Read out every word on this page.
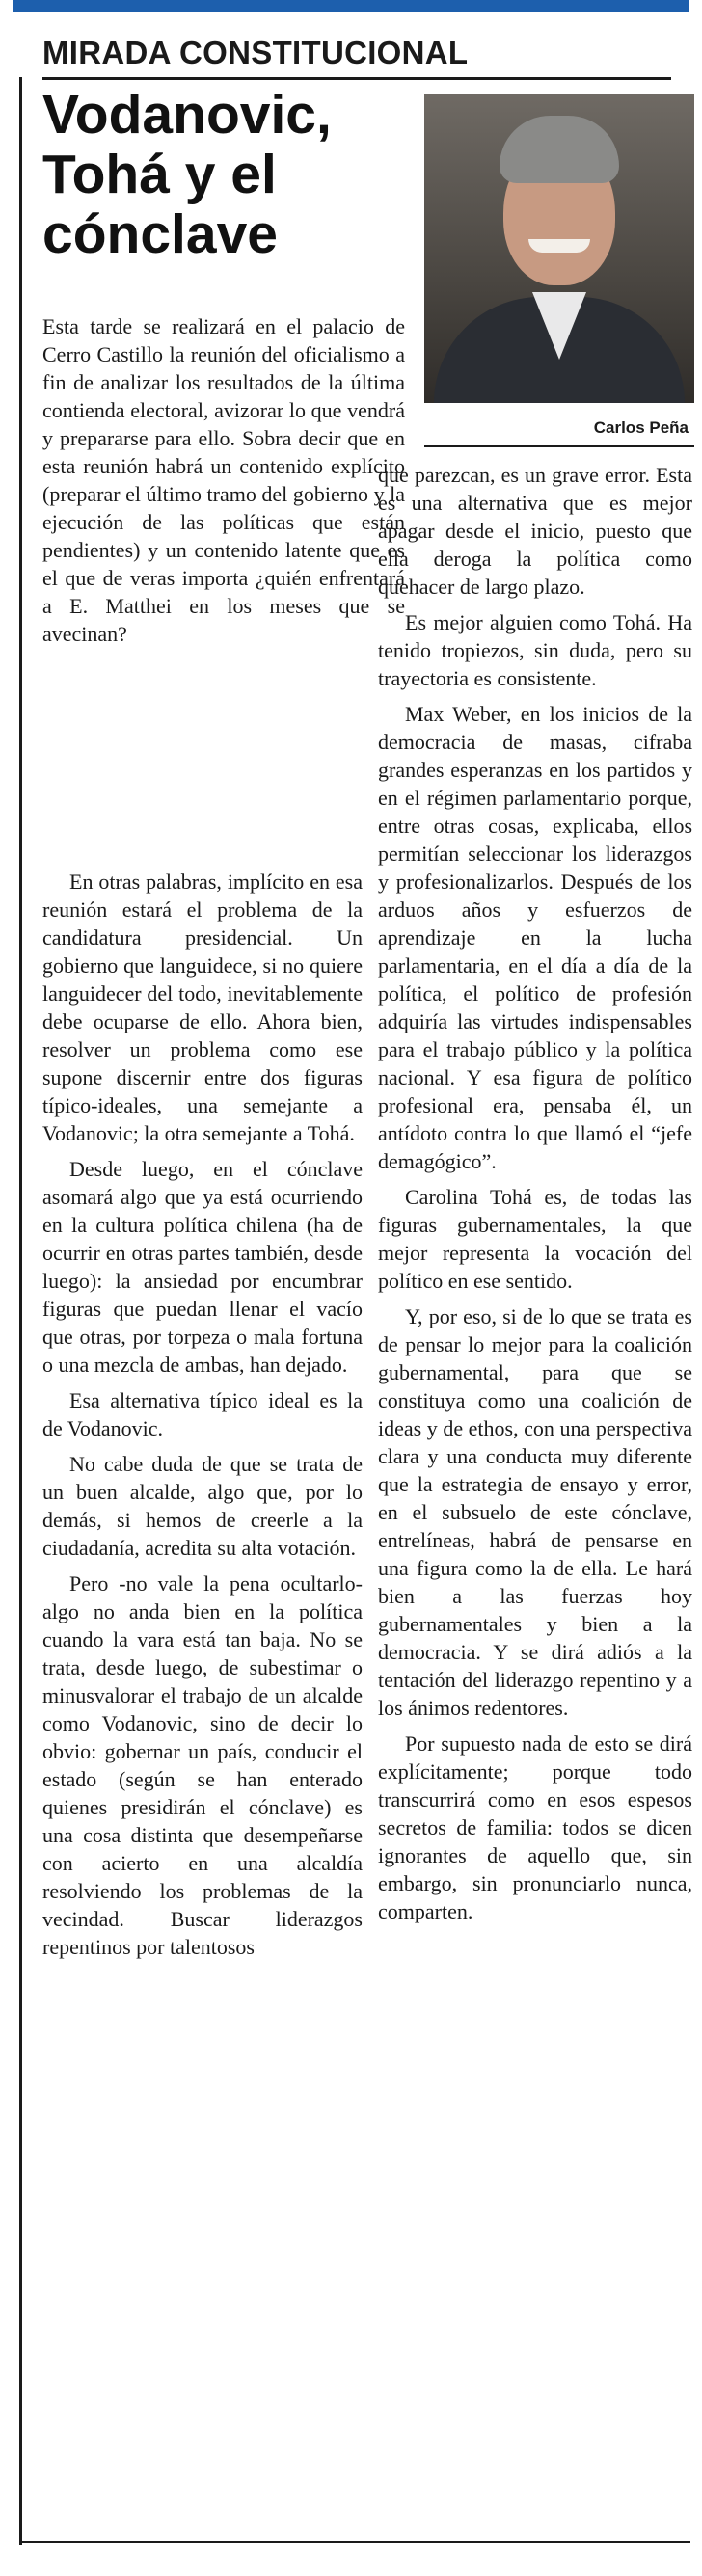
MIRADA CONSTITUCIONAL
Vodanovic,
Tohá y el
cónclave

Carlos Peña

Esta tarde se realizará en el palacio de Cerro Castillo la reunión del oficialismo a fin de analizar los resultados de la última contienda electoral, avizorar lo que vendrá y prepararse para ello. Sobra decir que en esta reunión habrá un contenido explícito (preparar el último tramo del gobierno y la ejecución de las políticas que están pendientes) y un contenido latente que es el que de veras importa ¿quién enfrentará a E. Matthei en los meses que se avecinan?

En otras palabras, implícito en esa reunión estará el problema de la candidatura presidencial. Un gobierno que languidece, si no quiere languidecer del todo, inevitablemente debe ocuparse de ello. Ahora bien, resolver un problema como ese supone discernir entre dos figuras típico-ideales, una semejante a Vodanovic; la otra semejante a Tohá.

Desde luego, en el cónclave asomará algo que ya está ocurriendo en la cultura política chilena (ha de ocurrir en otras partes también, desde luego): la ansiedad por encumbrar figuras que puedan llenar el vacío que otras, por torpeza o mala fortuna o una mezcla de ambas, han dejado.

Esa alternativa típico ideal es la de Vodanovic.

No cabe duda de que se trata de un buen alcalde, algo que, por lo demás, si hemos de creerle a la ciudadanía, acredita su alta votación.

Pero -no vale la pena ocultarlo- algo no anda bien en la política cuando la vara está tan baja. No se trata, desde luego, de subestimar o minusvalorar el trabajo de un alcalde como Vodanovic, sino de decir lo obvio: gobernar un país, conducir el estado (según se han enterado quienes presidirán el cónclave) es una cosa distinta que desempeñarse con acierto en una alcaldía resolviendo los problemas de la vecindad. Buscar liderazgos repentinos por talentosos

que parezcan, es un grave error. Esta es una alternativa que es mejor apagar desde el inicio, puesto que ella deroga la política como quehacer de largo plazo.

Es mejor alguien como Tohá. Ha tenido tropiezos, sin duda, pero su trayectoria es consistente.

Max Weber, en los inicios de la democracia de masas, cifraba grandes esperanzas en los partidos y en el régimen parlamentario porque, entre otras cosas, explicaba, ellos permitían seleccionar los liderazgos y profesionalizarlos. Después de los arduos años y esfuerzos de aprendizaje en la lucha parlamentaria, en el día a día de la política, el político de profesión adquiría las virtudes indispensables para el trabajo público y la política nacional. Y esa figura de político profesional era, pensaba él, un antídoto contra lo que llamó el “jefe demagógico”.

Carolina Tohá es, de todas las figuras gubernamentales, la que mejor representa la vocación del político en ese sentido.

Y, por eso, si de lo que se trata es de pensar lo mejor para la coalición gubernamental, para que se constituya como una coalición de ideas y de ethos, con una perspectiva clara y una conducta muy diferente que la estrategia de ensayo y error, en el subsuelo de este cónclave, entrelíneas, habrá de pensarse en una figura como la de ella. Le hará bien a las fuerzas hoy gubernamentales y bien a la democracia. Y se dirá adiós a la tentación del liderazgo repentino y a los ánimos redentores.

Por supuesto nada de esto se dirá explícitamente; porque todo transcurrirá como en esos espesos secretos de familia: todos se dicen ignorantes de aquello que, sin embargo, sin pronunciarlo nunca, comparten.
